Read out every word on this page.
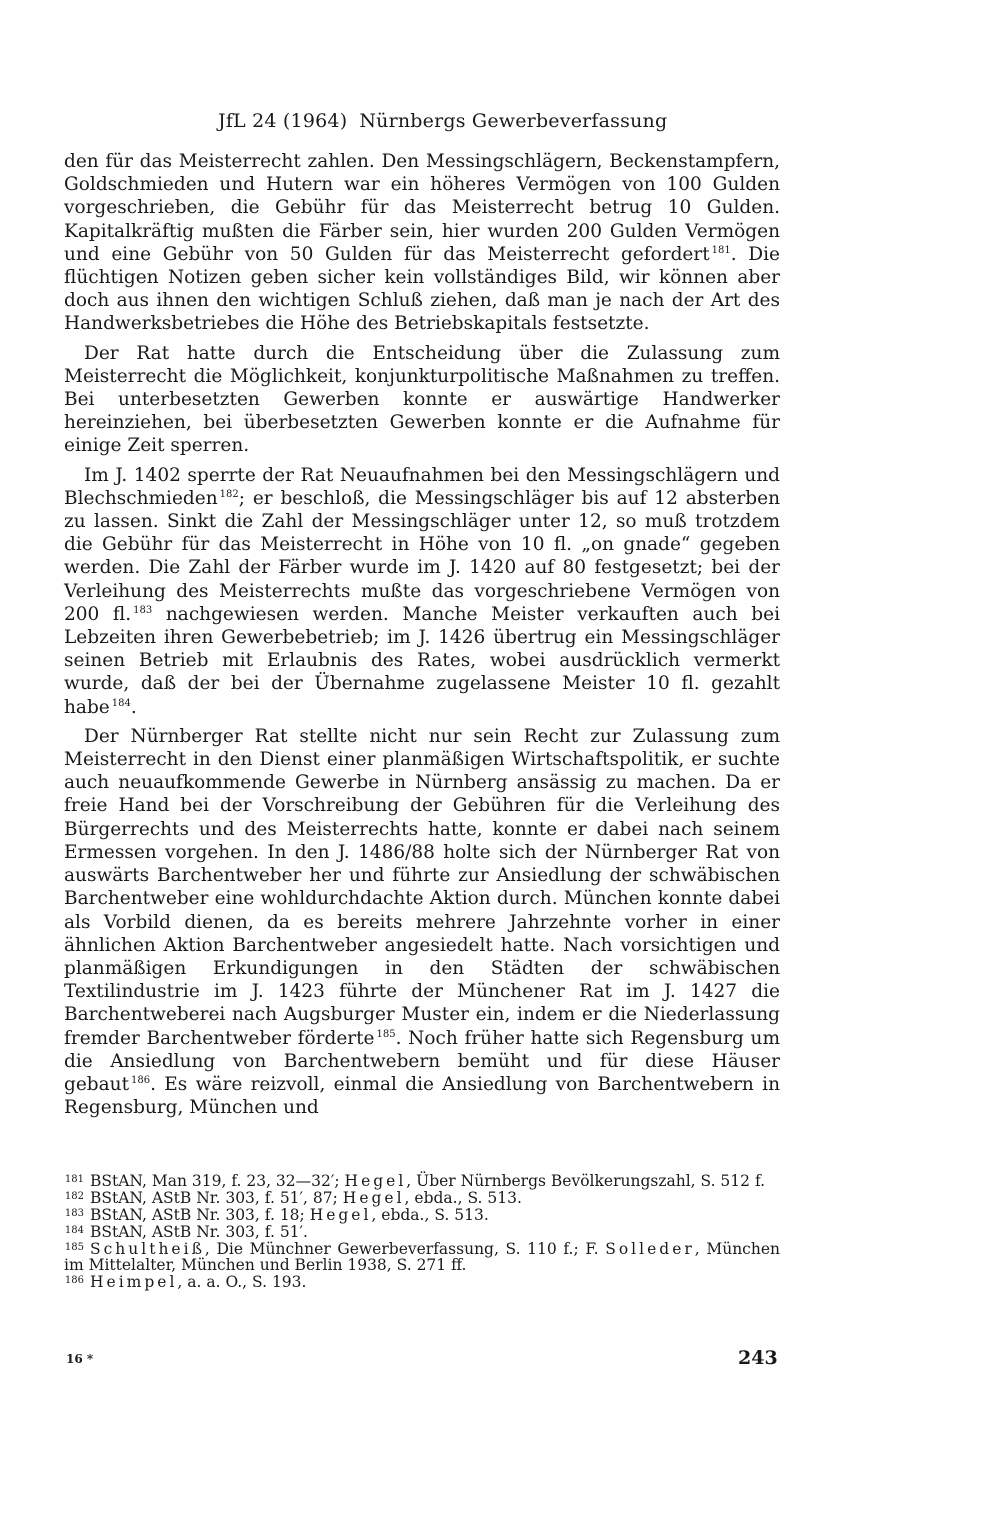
JfL 24 (1964) Nürnbergs Gewerbeverfassung

den für das Meisterrecht zahlen. Den Messingschlägern, Beckenstampfern, Goldschmieden und Hutern war ein höheres Vermögen von 100 Gulden vorgeschrieben, die Gebühr für das Meisterrecht betrug 10 Gulden. Kapitalkräftig mußten die Färber sein, hier wurden 200 Gulden Vermögen und eine Gebühr von 50 Gulden für das Meisterrecht gefordert $^{181}$. Die flüchtigen Notizen geben sicher kein vollständiges Bild, wir können aber doch aus ihnen den wichtigen Schluß ziehen, daß man je nach der Art des Handwerksbetriebes die Höhe des Betriebskapitals festsetzte.

Der Rat hatte durch die Entscheidung über die Zulassung zum Meisterrecht die Möglichkeit, konjunkturpolitische Maßnahmen zu treffen. Bei unterbesetzten Gewerben konnte er auswärtige Handwerker hereinziehen, bei überbesetzten Gewerben konnte er die Aufnahme für einige Zeit sperren.

Im J. 1402 sperrte der Rat Neuaufnahmen bei den Messingschlägern und Blechschmieden $^{182}$; er beschloß, die Messingschläger bis auf 12 absterben zu lassen. Sinkt die Zahl der Messingschläger unter 12, so muß trotzdem die Gebühr für das Meisterrecht in Höhe von 10 fl. „on gnade“ gegeben werden. Die Zahl der Färber wurde im J. 1420 auf 80 festgesetzt; bei der Verleihung des Meisterrechts mußte das vorgeschriebene Vermögen von 200 fl. $^{183}$ nachgewiesen werden. Manche Meister verkauften auch bei Lebzeiten ihren Gewerbebetrieb; im J. 1426 übertrug ein Messingschläger seinen Betrieb mit Erlaubnis des Rates, wobei ausdrücklich vermerkt wurde, daß der bei der Übernahme zugelassene Meister 10 fl. gezahlt habe $^{184}$.

Der Nürnberger Rat stellte nicht nur sein Recht zur Zulassung zum Meisterrecht in den Dienst einer planmäßigen Wirtschaftspolitik, er suchte auch neuaufkommende Gewerbe in Nürnberg ansässig zu machen. Da er freie Hand bei der Vorschreibung der Gebühren für die Verleihung des Bürgerrechts und des Meisterrechts hatte, konnte er dabei nach seinem Ermessen vorgehen. In den J. 1486/88 holte sich der Nürnberger Rat von auswärts Barchentweber her und führte zur Ansiedlung der schwäbischen Barchentweber eine wohldurchdachte Aktion durch. München konnte dabei als Vorbild dienen, da es bereits mehrere Jahrzehnte vorher in einer ähnlichen Aktion Barchentweber angesiedelt hatte. Nach vorsichtigen und planmäßigen Erkundigungen in den Städten der schwäbischen Textilindustrie im J. 1423 führte der Münchener Rat im J. 1427 die Barchentweberei nach Augsburger Muster ein, indem er die Niederlassung fremder Barchentweber förderte $^{185}$. Noch früher hatte sich Regensburg um die Ansiedlung von Barchentwebern bemüht und für diese Häuser gebaut $^{186}$. Es wäre reizvoll, einmal die Ansiedlung von Barchentwebern in Regensburg, München und

181 BStAN, Man 319, f. 23, 32—32′; Hegel, Über Nürnbergs Bevölkerungszahl, S. 512 f.
182 BStAN, AStB Nr. 303, f. 51′, 87; Hegel, ebda., S. 513.
183 BStAN, AStB Nr. 303, f. 18; Hegel, ebda., S. 513.
184 BStAN, AStB Nr. 303, f. 51′.
185 Schultheiß, Die Münchner Gewerbeverfassung, S. 110 f.; F. Solleder, München im Mittelalter, München und Berlin 1938, S. 271 ff.
186 Heimpel, a. a. O., S. 193.
16 *	243
